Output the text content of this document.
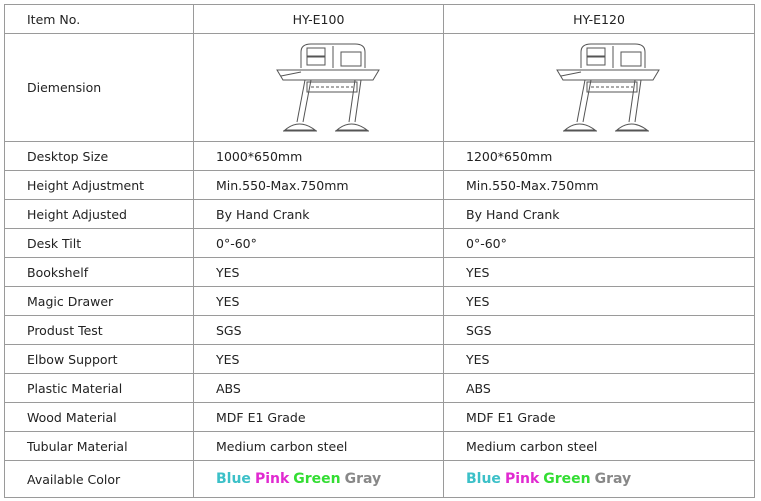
Item No.	HY-E100	HY-E120
Diemension	

Desktop Size	1000*650mm	1200*650mm
Height Adjustment	Min.550-Max.750mm	Min.550-Max.750mm
Height Adjusted	By Hand Crank	By Hand Crank
Desk Tilt	0°-60°	0°-60°
Bookshelf	YES	YES
Magic Drawer	YES	YES
Produst Test	SGS	SGS
Elbow Support	YES	YES
Plastic Material	ABS	ABS
Wood Material	MDF E1 Grade	MDF E1 Grade
Tubular Material	Medium carbon steel	Medium carbon steel
Available Color	Blue Pink Green Gray	Blue Pink Green Gray
